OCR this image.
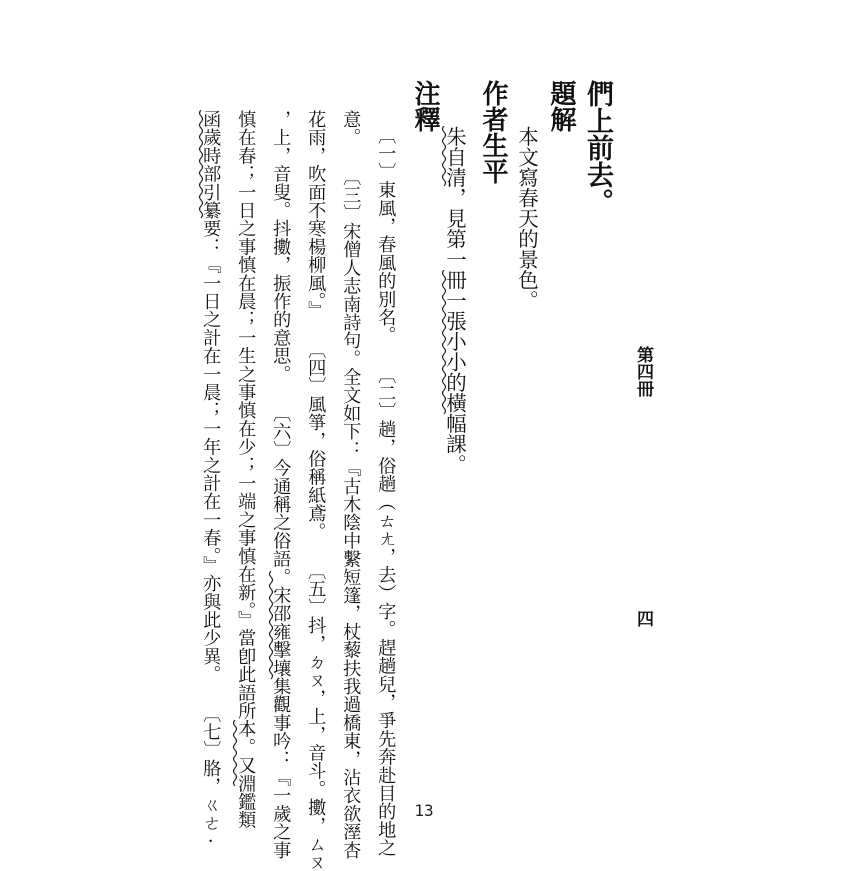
們上前去。
題解
本文寫春天的景色。
作者生平
朱自清，見第一冊一張小小的橫幅課。
注釋
〔一〕東風，春風的別名。 〔二〕趟，俗趟（ㄊㄤ，去）字。趕趟兒，爭先奔赴目的地之
意。 〔三〕宋僧人志南詩句。全文如下：『古木陰中繫短篷，杖藜扶我過橋東，沾衣欲溼杏
花雨，吹面不寒楊柳風。』 〔四〕風箏，俗稱紙鳶。 〔五〕抖，ㄉㄡ，上，音斗。擻，ㄙㄡ
，上，音叟。抖擻，振作的意思。 〔六〕今通稱之俗語。宋邵雍擊壤集觀事吟：『一歲之事
慎在春；一日之事慎在晨；一生之事慎在少；一端之事慎在新。』當卽此語所本。又淵鑑類
函歲時部引纂要：『一日之計在一晨；一年之計在一春。』亦與此少異。 〔七〕胳，ㄍㄜ·	第四冊
四
13
